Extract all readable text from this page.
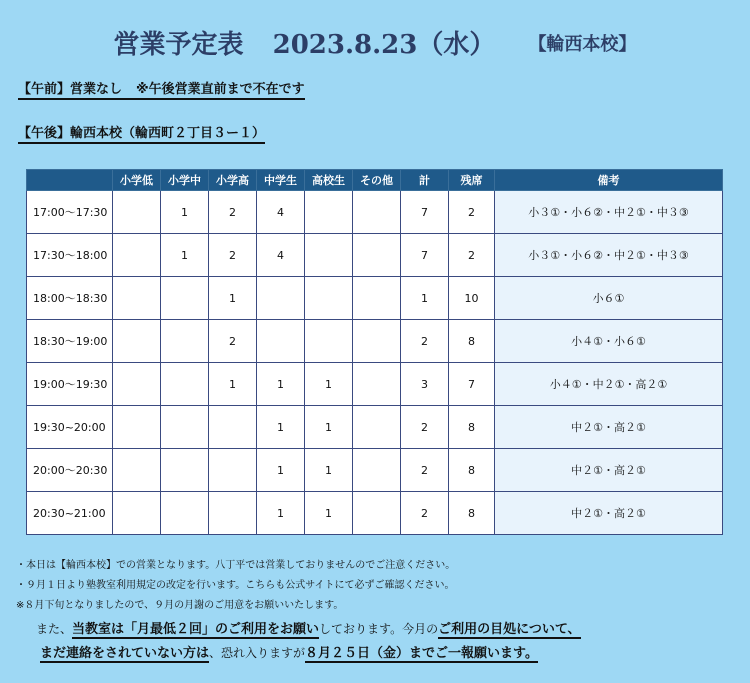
営業予定表 2023.8.23（水） 【輪西本校】
【午前】営業なし ※午後営業直前まで不在です
【午後】輪西本校（輪西町２丁目３ー１）
	小学低	小学中	小学高	中学生	高校生	その他	計	残席	備考
17:00〜17:30		1	2	4			7	2	小３①・小６②・中２①・中３③
17:30〜18:00		1	2	4			7	2	小３①・小６②・中２①・中３③
18:00〜18:30			1				1	10	小６①
18:30〜19:00			2				2	8	小４①・小６①
19:00〜19:30			1	1	1		3	7	小４①・中２①・高２①
19:30~20:00				1	1		2	8	中２①・高２①
20:00〜20:30				1	1		2	8	中２①・高２①
20:30~21:00				1	1		2	8	中２①・高２①
・本日は【輪西本校】での営業となります。八丁平では営業しておりませんのでご注意ください。
・９月１日より塾教室利用規定の改定を行います。こちらも公式サイトにて必ずご確認ください。
※８月下旬となりましたので、９月の月謝のご用意をお願いいたします。
また、当教室は「月最低２回」のご利用をお願いしております。今月のご利用の目処について、
まだ連絡をされていない方は、恐れ入りますが８月２５日（金）までご一報願います。
